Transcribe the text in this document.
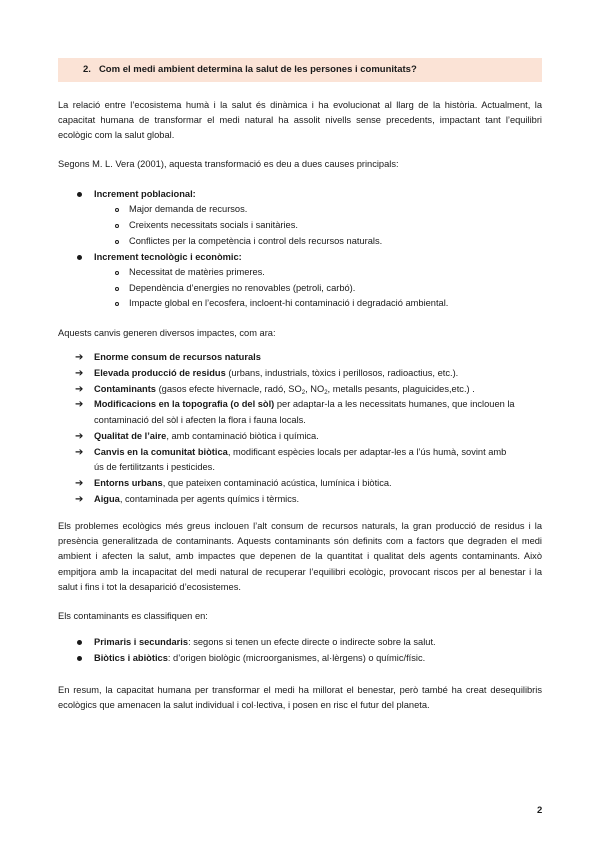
2. Com el medi ambient determina la salut de les persones i comunitats?

La relació entre l’ecosistema humà i la salut és dinàmica i ha evolucionat al llarg de la història. Actualment, la capacitat humana de transformar el medi natural ha assolit nivells sense precedents, impactant tant l’equilibri ecològic com la salut global.

Segons M. L. Vera (2001), aquesta transformació es deu a dues causes principals:
Increment poblacional:
Major demanda de recursos.
Creixents necessitats socials i sanitàries.
Conflictes per la competència i control dels recursos naturals.
Increment tecnològic i econòmic:
Necessitat de matèries primeres.
Dependència d’energies no renovables (petroli, carbó).
Impacte global en l’ecosfera, incloent-hi contaminació i degradació ambiental.
Aquests canvis generen diversos impactes, com ara:
➔ Enorme consum de recursos naturals
➔ Elevada producció de residus (urbans, industrials, tòxics i perillosos, radioactius, etc.).
➔ Contaminants (gasos efecte hivernacle, radó, $SO_2$, $NO_2$, metalls pesants, plaguicides,etc.) .
➔ Modificacions en la topografia (o del sòl) per adaptar-la a les necessitats humanes, que inclouen la
contaminació del sòl i afecten la flora i fauna locals.
➔ Qualitat de l’aire, amb contaminació biòtica i química.
➔ Canvis en la comunitat biòtica, modificant espècies locals per adaptar-les a l’ús humà, sovint amb
ús de fertilitzants i pesticides.
➔ Entorns urbans, que pateixen contaminació acústica, lumínica i biòtica.
➔ Aigua, contaminada per agents químics i tèrmics.

Els problemes ecològics més greus inclouen l’alt consum de recursos naturals, la gran producció de residus i la presència generalitzada de contaminants. Aquests contaminants són definits com a factors que degraden el medi ambient i afecten la salut, amb impactes que depenen de la quantitat i qualitat dels agents contaminants. Això empitjora amb la incapacitat del medi natural de recuperar l’equilibri ecològic, provocant riscos per al benestar i la salut i fins i tot la desaparició d’ecosistemes.

Els contaminants es classifiquen en:
Primaris i secundaris: segons si tenen un efecte directe o indirecte sobre la salut.
Biòtics i abiòtics: d’origen biològic (microorganismes, al·lèrgens) o químic/físic.

En resum, la capacitat humana per transformar el medi ha millorat el benestar, però també ha creat desequilibris ecològics que amenacen la salut individual i col·lectiva, i posen en risc el futur del planeta.

2
